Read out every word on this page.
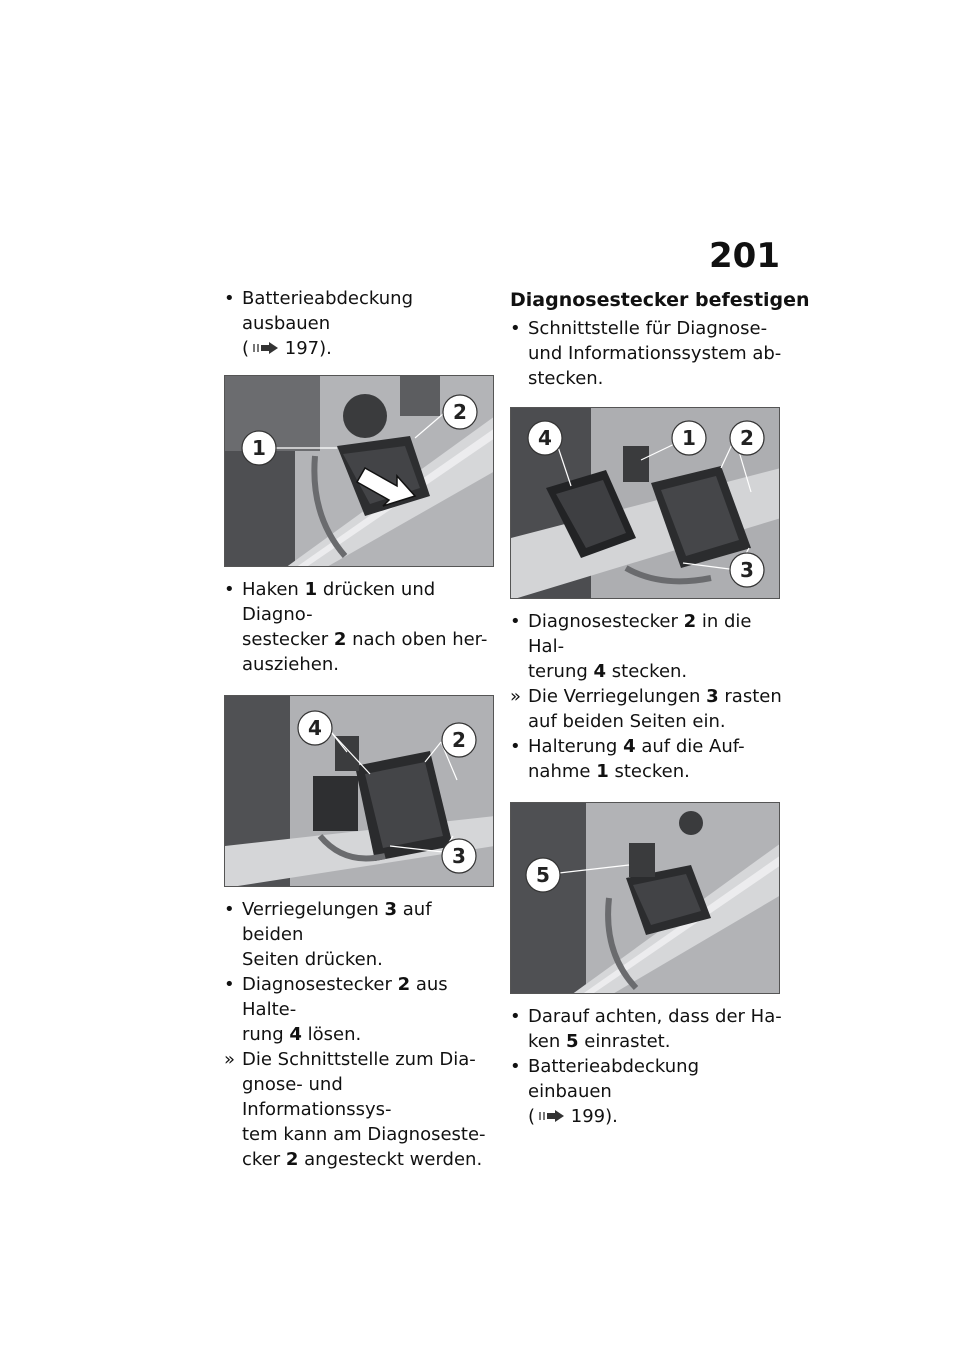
201
• Batterieabdeckung ausbauen
( 197).
1
2
• Haken 1 drücken und Diagno-
sestecker 2 nach oben her-
ausziehen.
4	2
3
• Verriegelungen 3 auf beiden
Seiten drücken.
• Diagnosestecker 2 aus Halte-
rung 4 lösen.
» Die Schnittstelle zum Dia-
gnose- und Informationssys-
tem kann am Diagnoseste-
cker 2 angesteckt werden.
Diagnosestecker befestigen
• Schnittstelle für Diagnose-
und Informationssystem ab-
stecken.
4	1 2
3
• Diagnosestecker 2 in die Hal-
terung 4 stecken.
» Die Verriegelungen 3 rasten
auf beiden Seiten ein.
• Halterung 4 auf die Auf-
nahme 1 stecken.
5
• Darauf achten, dass der Ha-
ken 5 einrastet.
• Batterieabdeckung einbauen
( 199).
